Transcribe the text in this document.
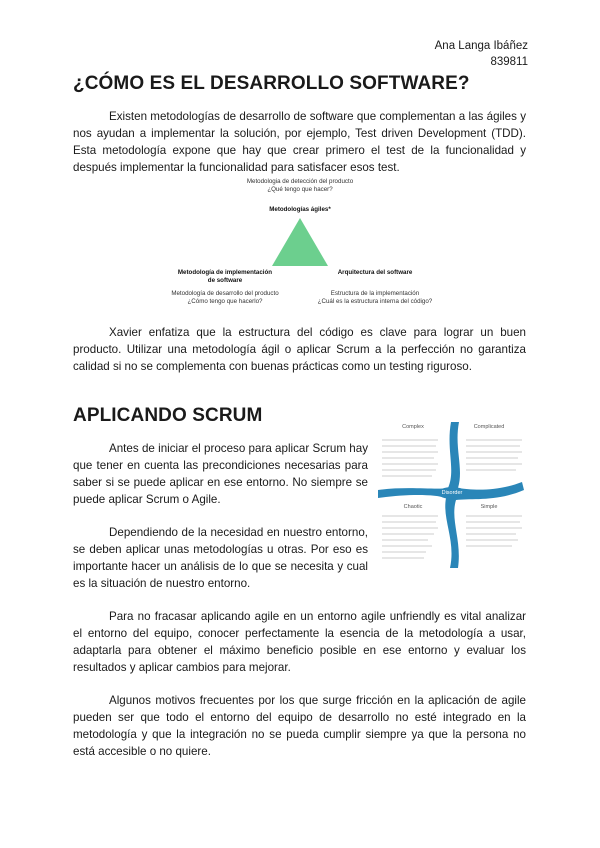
Ana Langa Ibáñez
839811
¿CÓMO ES EL DESARROLLO SOFTWARE?

Existen metodologías de desarrollo de software que complementan a las ágiles y nos ayudan a implementar la solución, por ejemplo, Test driven Development (TDD). Esta metodología expone que hay que crear primero el test de la funcionalidad y después implementar la funcionalidad para satisfacer esos test.

Metodologia de detección del producto
¿Qué tengo que hacer?
Metodologías ágiles*
Metodología de implementación
de software
Metodología de desarrollo del producto
¿Cómo tengo que hacerlo?
Arquitectura del software
Estructura de la implementación
¿Cuál es la estructura interna del código?

Xavier enfatiza que la estructura del código es clave para lograr un buen producto. Utilizar una metodología ágil o aplicar Scrum a la perfección no garantiza calidad si no se complementa con buenas prácticas como un testing riguroso.

APLICANDO SCRUM

Antes de iniciar el proceso para aplicar Scrum hay que tener en cuenta las precondiciones necesarias para saber si se puede aplicar en ese entorno. No siempre se puede aplicar Scrum o Agile.

Dependiendo de la necesidad en nuestro entorno, se deben aplicar unas metodologías u otras. Por eso es importante hacer un análisis de lo que se necesita y cual es la situación de nuestro entorno.

Complex	Complicated
Chaotic	Simple
Disorder

Para no fracasar aplicando agile en un entorno agile unfriendly es vital analizar el entorno del equipo, conocer perfectamente la esencia de la metodología a usar, adaptarla para obtener el máximo beneficio posible en ese entorno y evaluar los resultados y aplicar cambios para mejorar.

Algunos motivos frecuentes por los que surge fricción en la aplicación de agile pueden ser que todo el entorno del equipo de desarrollo no esté integrado en la metodología y que la integración no se pueda cumplir siempre ya que la persona no está accesible o no quiere.
